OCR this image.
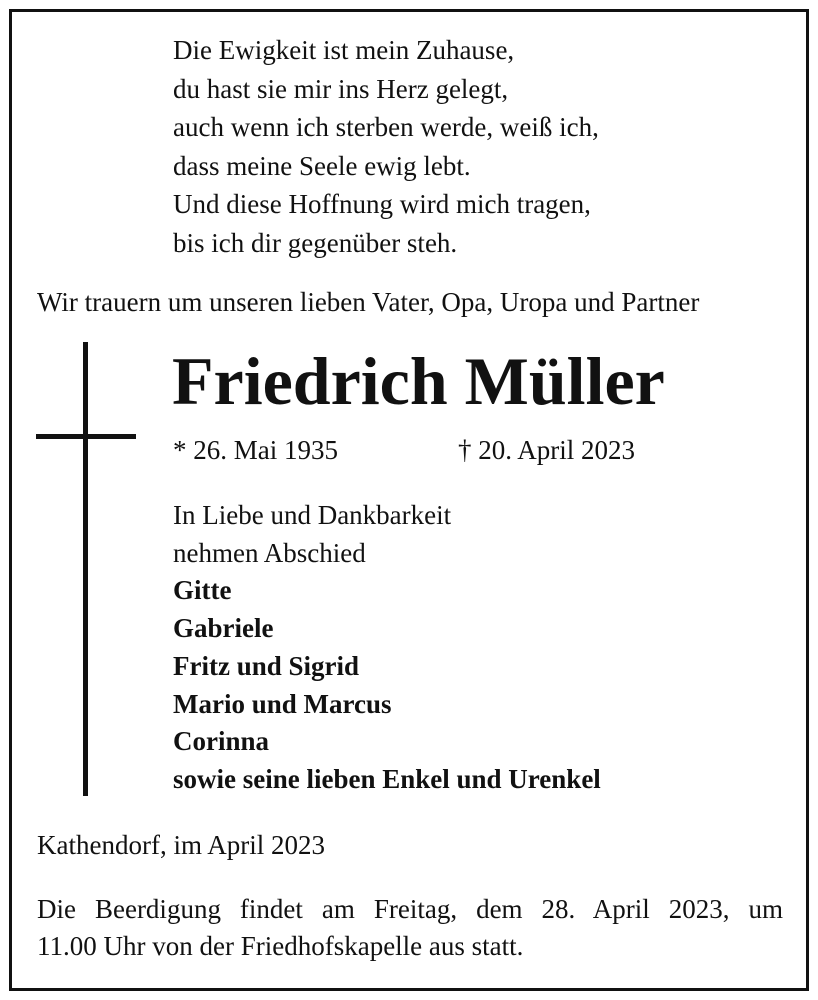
Die Ewigkeit ist mein Zuhause,
du hast sie mir ins Herz gelegt,
auch wenn ich sterben werde, weiß ich,
dass meine Seele ewig lebt.
Und diese Hoffnung wird mich tragen,
bis ich dir gegenüber steh.
Wir trauern um unseren lieben Vater, Opa, Uropa und Partner
Friedrich Müller
* 26. Mai 1935	† 20. April 2023
In Liebe und Dankbarkeit
nehmen Abschied
Gitte
Gabriele
Fritz und Sigrid
Mario und Marcus
Corinna
sowie seine lieben Enkel und Urenkel
Kathendorf, im April 2023
Die Beerdigung findet am Freitag, dem 28. April 2023, um
11.00 Uhr von der Friedhofskapelle aus statt.
